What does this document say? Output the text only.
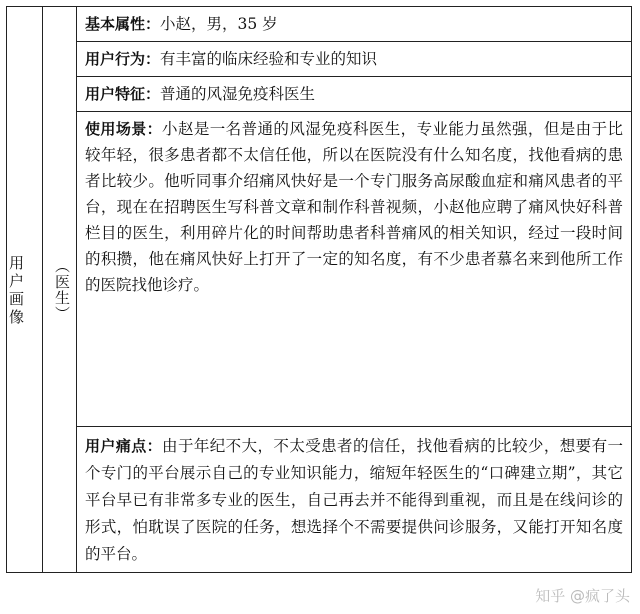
用户画像	（医生）

基本属性：小赵，男，35 岁

用户行为：有丰富的临床经验和专业的知识

用户特征：普通的风湿免疫科医生

使用场景：小赵是一名普通的风湿免疫科医生，专业能力虽然强，但是由于比较年轻，很多患者都不太信任他，所以在医院没有什么知名度，找他看病的患者比较少。他听同事介绍痛风快好是一个专门服务高尿酸血症和痛风患者的平台，现在在招聘医生写科普文章和制作科普视频，小赵他应聘了痛风快好科普栏目的医生，利用碎片化的时间帮助患者科普痛风的相关知识，经过一段时间的积攒，他在痛风快好上打开了一定的知名度，有不少患者慕名来到他所工作的医院找他诊疗。

用户痛点：由于年纪不大，不太受患者的信任，找他看病的比较少，想要有一个专门的平台展示自己的专业知识能力，缩短年轻医生的“口碑建立期”，其它平台早已有非常多专业的医生，自己再去并不能得到重视，而且是在线问诊的形式，怕耽误了医院的任务，想选择个不需要提供问诊服务，又能打开知名度的平台。
知乎 @疯了头
